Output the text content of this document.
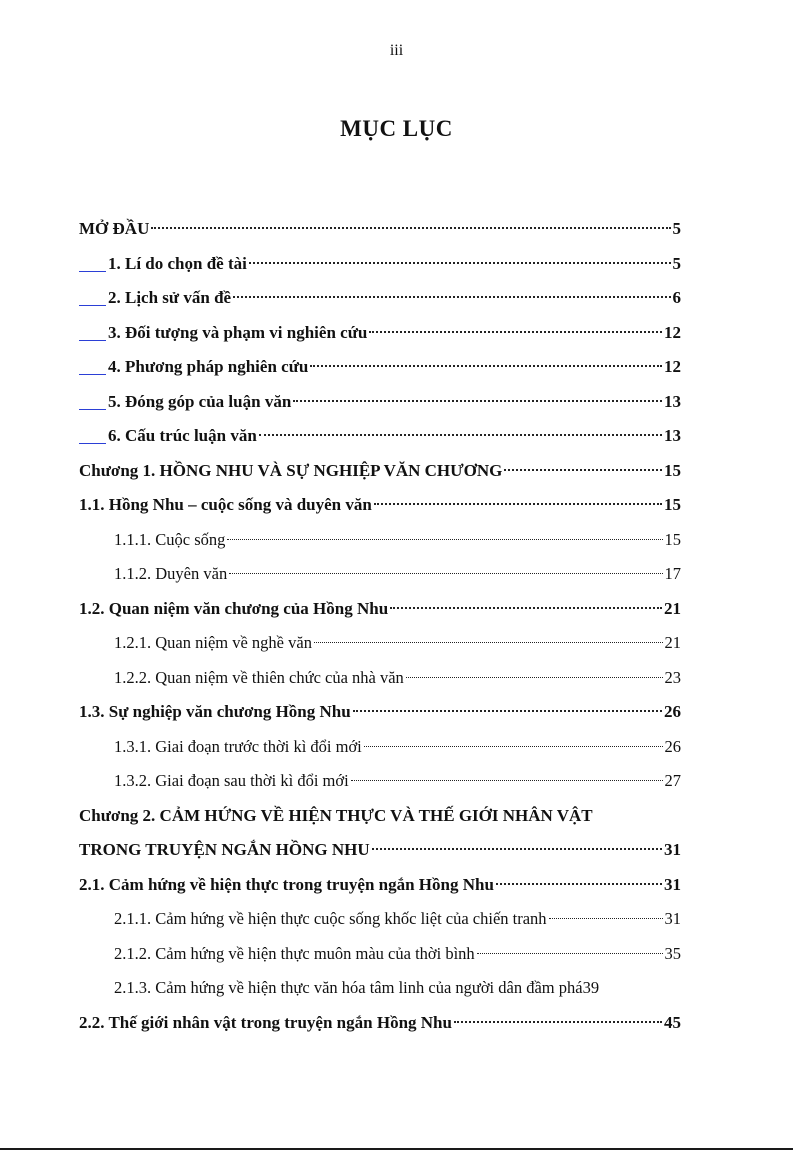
iii
MỤC LỤC
MỞ ĐẦU	5
1. Lí do chọn đề tài	5
2. Lịch sử vấn đề	6
3. Đối tượng và phạm vi nghiên cứu	12
4. Phương pháp nghiên cứu	12
5. Đóng góp của luận văn	13
6. Cấu trúc luận văn	13
Chương 1. HỒNG NHU VÀ SỰ NGHIỆP VĂN CHƯƠNG	15
1.1. Hồng Nhu – cuộc sống và duyên văn	15
1.1.1. Cuộc sống	15
1.1.2. Duyên văn	17
1.2. Quan niệm văn chương của Hồng Nhu	21
1.2.1. Quan niệm về nghề văn	21
1.2.2. Quan niệm về thiên chức của nhà văn	23
1.3. Sự nghiệp văn chương Hồng Nhu	26
1.3.1. Giai đoạn trước thời kì đổi mới	26
1.3.2. Giai đoạn sau thời kì đổi mới	27
Chương 2. CẢM HỨNG VỀ HIỆN THỰC VÀ THẾ GIỚI NHÂN VẬT
TRONG TRUYỆN NGẮN HỒNG NHU	31
2.1. Cảm hứng về hiện thực trong truyện ngắn Hồng Nhu	31
2.1.1. Cảm hứng về hiện thực cuộc sống khốc liệt của chiến tranh	31
2.1.2. Cảm hứng về hiện thực muôn màu của thời bình	35
2.1.3. Cảm hứng về hiện thực văn hóa tâm linh của người dân đầm phá 39
2.2. Thế giới nhân vật trong truyện ngắn Hồng Nhu	45
